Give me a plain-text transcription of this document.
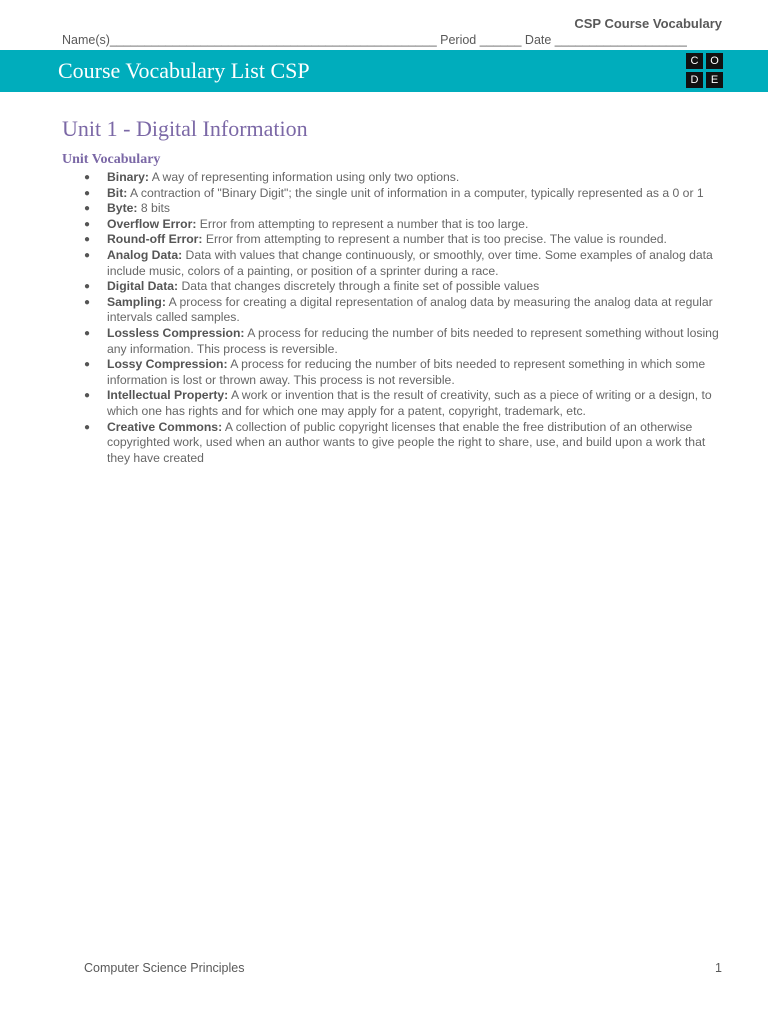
CSP Course Vocabulary
Name(s)_______________________________________________ Period ______ Date ___________________
Course Vocabulary List CSP	C	O
D	E
Unit 1 - Digital Information
Unit Vocabulary
● Binary: A way of representing information using only two options.
● Bit: A contraction of "Binary Digit"; the single unit of information in a computer, typically represented as a 0 or 1
● Byte: 8 bits
● Overflow Error: Error from attempting to represent a number that is too large.
● Round-off Error: Error from attempting to represent a number that is too precise. The value is rounded.
● Analog Data: Data with values that change continuously, or smoothly, over time. Some examples of analog data include music, colors of a painting, or position of a sprinter during a race.
● Digital Data: Data that changes discretely through a finite set of possible values
● Sampling: A process for creating a digital representation of analog data by measuring the analog data at regular intervals called samples.
● Lossless Compression: A process for reducing the number of bits needed to represent something without losing any information. This process is reversible.
● Lossy Compression: A process for reducing the number of bits needed to represent something in which some information is lost or thrown away. This process is not reversible.
● Intellectual Property: A work or invention that is the result of creativity, such as a piece of writing or a design, to which one has rights and for which one may apply for a patent, copyright, trademark, etc.
● Creative Commons: A collection of public copyright licenses that enable the free distribution of an otherwise copyrighted work, used when an author wants to give people the right to share, use, and build upon a work that they have created
Computer Science Principles	1
